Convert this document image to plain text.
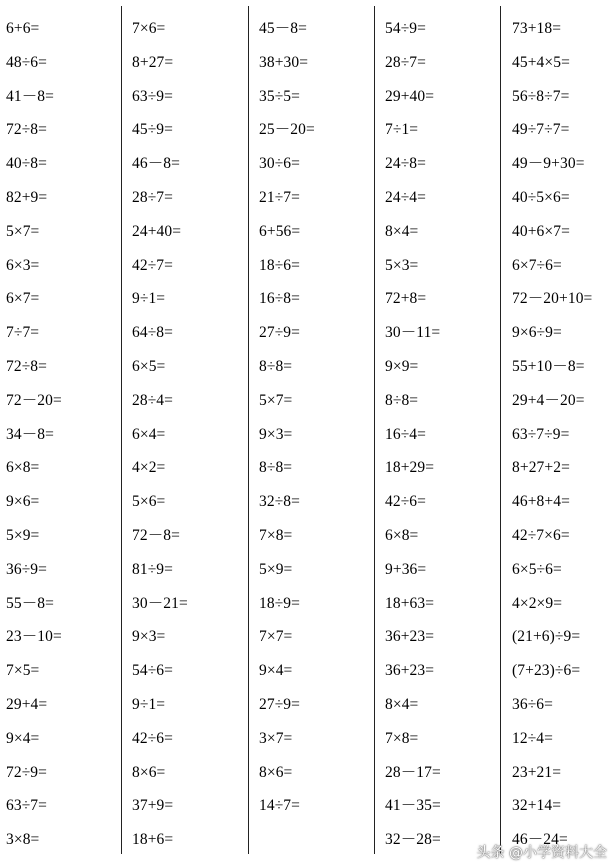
6+6=
48÷6=
41－8=
72÷8=
40÷8=
82+9=
5×7=
6×3=
6×7=
7÷7=
72÷8=
72－20=
34－8=
6×8=
9×6=
5×9=
36÷9=
55－8=
23－10=
7×5=
29+4=
9×4=
72÷9=
63÷7=
3×8=
7×6=
8+27=
63÷9=
45÷9=
46－8=
28÷7=
24+40=
42÷7=
9÷1=
64÷8=
6×5=
28÷4=
6×4=
4×2=
5×6=
72－8=
81÷9=
30－21=
9×3=
54÷6=
9÷1=
42÷6=
8×6=
37+9=
18+6=
45－8=
38+30=
35÷5=
25－20=
30÷6=
21÷7=
6+56=
18÷6=
16÷8=
27÷9=
8÷8=
5×7=
9×3=
8÷8=
32÷8=
7×8=
5×9=
18÷9=
7×7=
9×4=
27÷9=
3×7=
8×6=
14÷7=
54÷9=
28÷7=
29+40=
7÷1=
24÷8=
24÷4=
8×4=
5×3=
72+8=
30－11=
9×9=
8÷8=
16÷4=
18+29=
42÷6=
6×8=
9+36=
18+63=
36+23=
36+23=
8×4=
7×8=
28－17=
41－35=
32－28=
73+18=
45+4×5=
56÷8÷7=
49÷7÷7=
49－9+30=
40÷5×6=
40+6×7=
6×7÷6=
72－20+10=
9×6÷9=
55+10－8=
29+4－20=
63÷7÷9=
8+27+2=
46+8+4=
42÷7×6=
6×5÷6=
4×2×9=
(21+6)÷9=
(7+23)÷6=
36÷6=
12÷4=
23+21=
32+14=
46－24=
头条 @小学资料大全
